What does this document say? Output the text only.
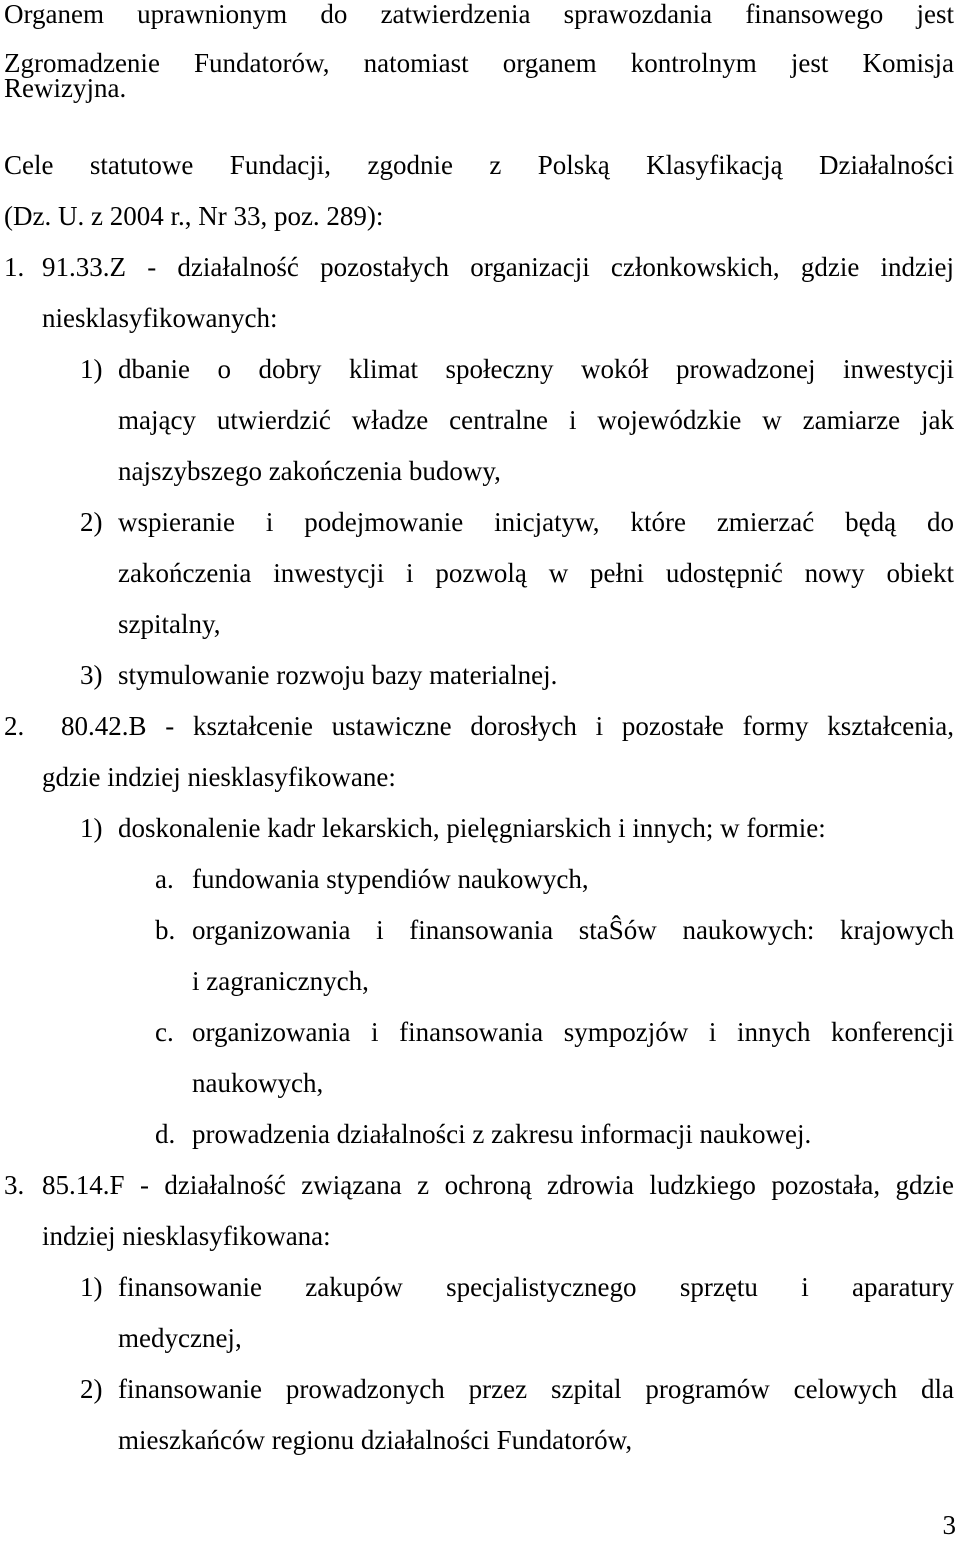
Organem uprawnionym do zatwierdzenia sprawozdania finansowego jest
Zgromadzenie Fundatorów, natomiast organem kontrolnym jest Komisja
Rewizyjna.
Cele statutowe Fundacji, zgodnie z Polską Klasyfikacją Działalności
(Dz. U. z 2004 r., Nr 33, poz. 289):
1. 91.33.Z - działalność pozostałych organizacji członkowskich, gdzie indziej
niesklasyfikowanych:
1) dbanie o dobry klimat społeczny wokół prowadzonej inwestycji
mający utwierdzić władze centralne i wojewódzkie w zamiarze jak
najszybszego zakończenia budowy,
2) wspieranie i podejmowanie inicjatyw, które zmierzać będą do
zakończenia inwestycji i pozwolą w pełni udostępnić nowy obiekt
szpitalny,
3) stymulowanie rozwoju bazy materialnej.
2. 80.42.B - kształcenie ustawiczne dorosłych i pozostałe formy kształcenia,
gdzie indziej niesklasyfikowane:
1) doskonalenie kadr lekarskich, pielęgniarskich i innych; w formie:
a. fundowania stypendiów naukowych,
b. organizowania i finansowania staŜów naukowych: krajowych
i zagranicznych,
c. organizowania i finansowania sympozjów i innych konferencji
naukowych,
d. prowadzenia działalności z zakresu informacji naukowej.
3. 85.14.F - działalność związana z ochroną zdrowia ludzkiego pozostała, gdzie
indziej niesklasyfikowana:
1) finansowanie zakupów specjalistycznego sprzętu i aparatury
medycznej,
2) finansowanie prowadzonych przez szpital programów celowych dla
mieszkańców regionu działalności Fundatorów,
3
